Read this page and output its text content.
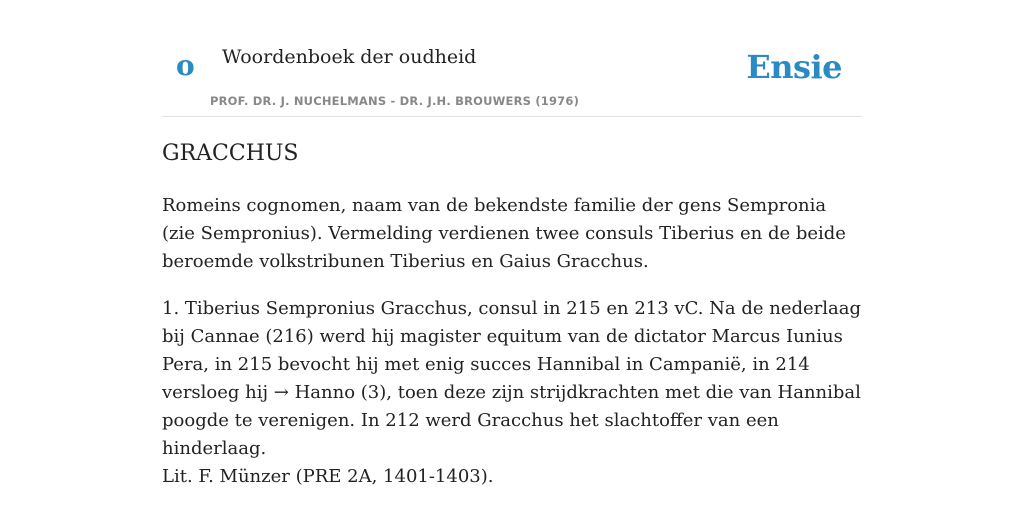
o Woordenboek der oudheid
PROF. DR. J. NUCHELMANS - DR. J.H. BROUWERS (1976)
Ensie
GRACCHUS

Romeins cognomen, naam van de bekendste familie der gens Sempronia (zie Sempronius). Vermelding verdienen twee consuls Tiberius en de beide beroemde volkstribunen Tiberius en Gaius Gracchus.

1. Tiberius Sempronius Gracchus, consul in 215 en 213 vC. Na de nederlaag bij Cannae (216) werd hij magister equitum van de dictator Marcus Iunius Pera, in 215 bevocht hij met enig succes Hannibal in Campanië, in 214 versloeg hij → Hanno (3), toen deze zijn strijdkrachten met die van Hannibal poogde te verenigen. In 212 werd Gracchus het slachtoffer van een hinderlaag.

Lit. F. Münzer (PRE 2A, 1401-1403).
